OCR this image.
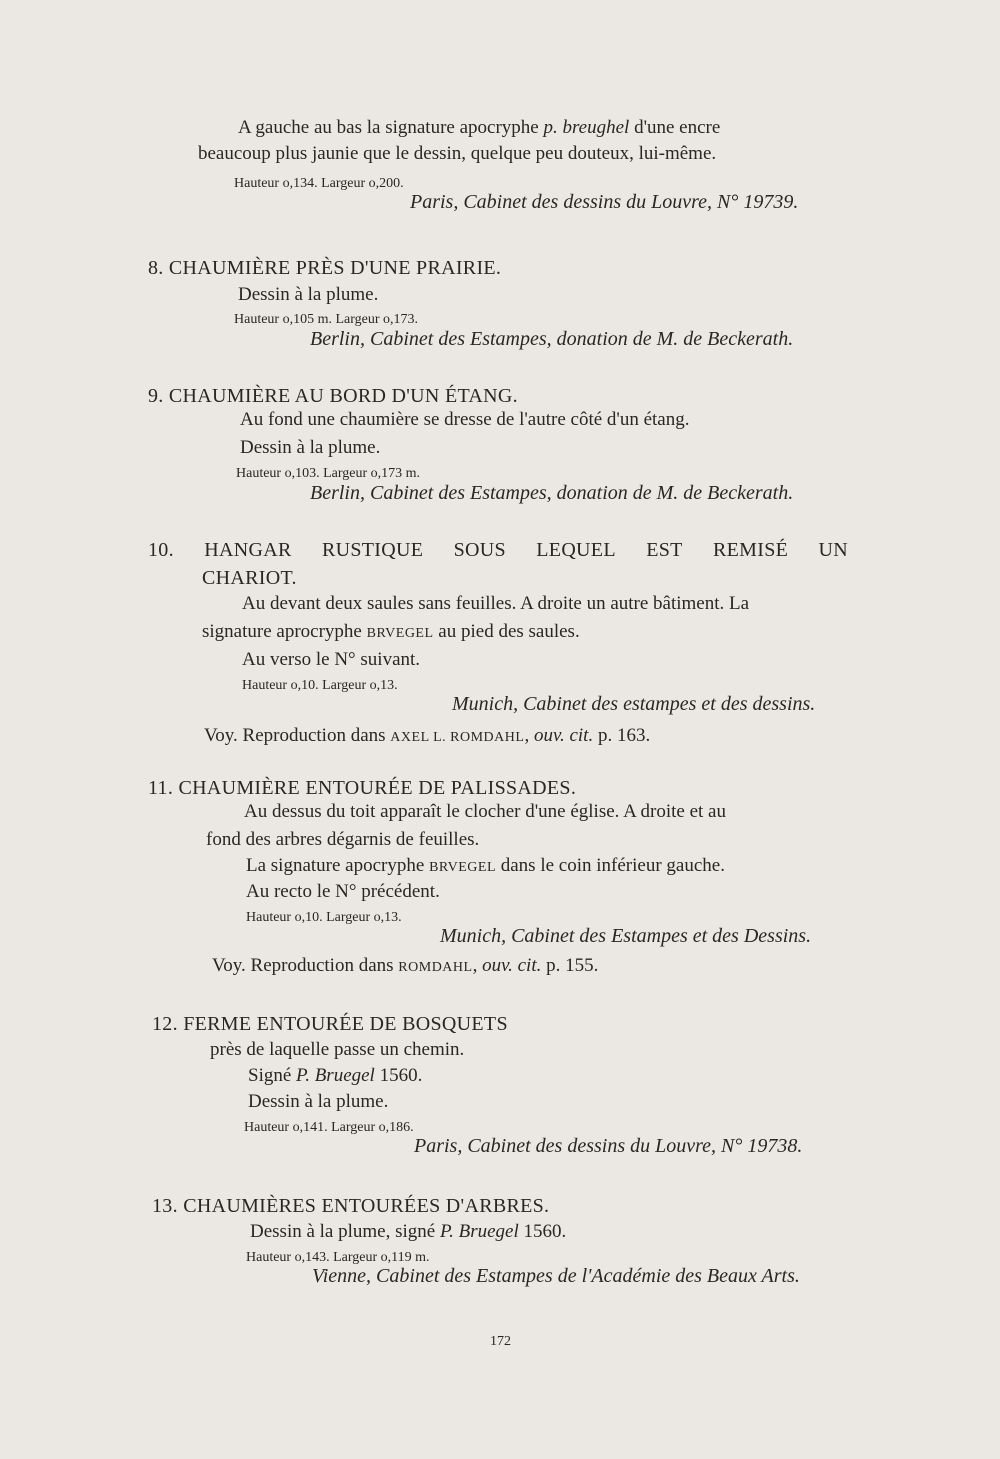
A gauche au bas la signature apocryphe p. breughel d'une encre
beaucoup plus jaunie que le dessin, quelque peu douteux, lui-même.
Hauteur o,134. Largeur o,200.
Paris, Cabinet des dessins du Louvre, N° 19739.
8. CHAUMIÈRE PRÈS D'UNE PRAIRIE.
Dessin à la plume.
Hauteur o,105 m. Largeur o,173.
Berlin, Cabinet des Estampes, donation de M. de Beckerath.
9. CHAUMIÈRE AU BORD D'UN ÉTANG.
Au fond une chaumière se dresse de l'autre côté d'un étang.
Dessin à la plume.
Hauteur o,103. Largeur o,173 m.
Berlin, Cabinet des Estampes, donation de M. de Beckerath.
10. HANGAR RUSTIQUE SOUS LEQUEL EST REMISÉ UN
CHARIOT.
Au devant deux saules sans feuilles. A droite un autre bâtiment. La
signature aprocryphe BRVEGEL au pied des saules.
Au verso le N° suivant.
Hauteur o,10. Largeur o,13.
Munich, Cabinet des estampes et des dessins.
Voy. Reproduction dans AXEL L. ROMDAHL, ouv. cit. p. 163.
11. CHAUMIÈRE ENTOURÉE DE PALISSADES.
Au dessus du toit apparaît le clocher d'une église. A droite et au
fond des arbres dégarnis de feuilles.
La signature apocryphe BRVEGEL dans le coin inférieur gauche.
Au recto le N° précédent.
Hauteur o,10. Largeur o,13.
Munich, Cabinet des Estampes et des Dessins.
Voy. Reproduction dans ROMDAHL, ouv. cit. p. 155.
12. FERME ENTOURÉE DE BOSQUETS
près de laquelle passe un chemin.
Signé P. Bruegel 1560.
Dessin à la plume.
Hauteur o,141. Largeur o,186.
Paris, Cabinet des dessins du Louvre, N° 19738.
13. CHAUMIÈRES ENTOURÉES D'ARBRES.
Dessin à la plume, signé P. Bruegel 1560.
Hauteur o,143. Largeur o,119 m.
Vienne, Cabinet des Estampes de l'Académie des Beaux Arts.
172
